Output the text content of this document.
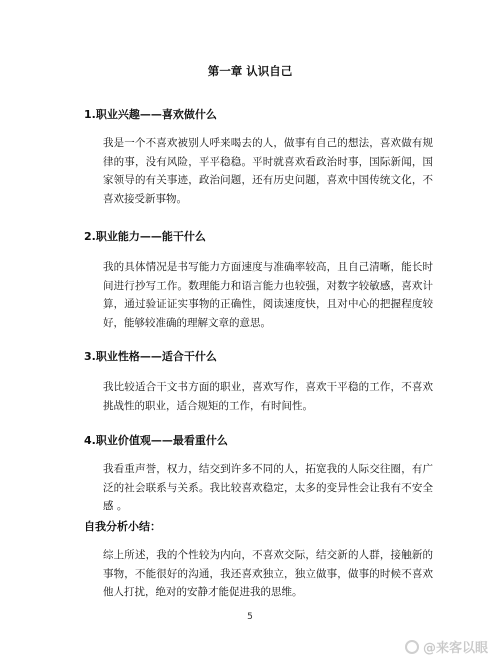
第一章 认识自己
1.职业兴趣——喜欢做什么
我是一个不喜欢被别人呼来喝去的人，做事有自己的想法，喜欢做有规律的事，没有风险，平平稳稳。平时就喜欢看政治时事，国际新闻，国家领导的有关事迹，政治问题，还有历史问题，喜欢中国传统文化，不喜欢接受新事物。
2.职业能力——能干什么
我的具体情况是书写能力方面速度与准确率较高，且自己清晰，能长时间进行抄写工作。数理能力和语言能力也较强，对数字较敏感，喜欢计算，通过验证证实事物的正确性，阅读速度快，且对中心的把握程度较好，能够较准确的理解文章的意思。
3.职业性格——适合干什么
我比较适合干文书方面的职业，喜欢写作，喜欢干平稳的工作，不喜欢挑战性的职业，适合规矩的工作，有时间性。
4.职业价值观——最看重什么
我看重声誉，权力，结交到许多不同的人，拓宽我的人际交往圈，有广泛的社会联系与关系。我比较喜欢稳定，太多的变异性会让我有不安全感 。
自我分析小结：
综上所述，我的个性较为内向，不喜欢交际，结交新的人群，接触新的事物，不能很好的沟通，我还喜欢独立，独立做事，做事的时候不喜欢他人打扰，绝对的安静才能促进我的思维。
5
@来客以眼
